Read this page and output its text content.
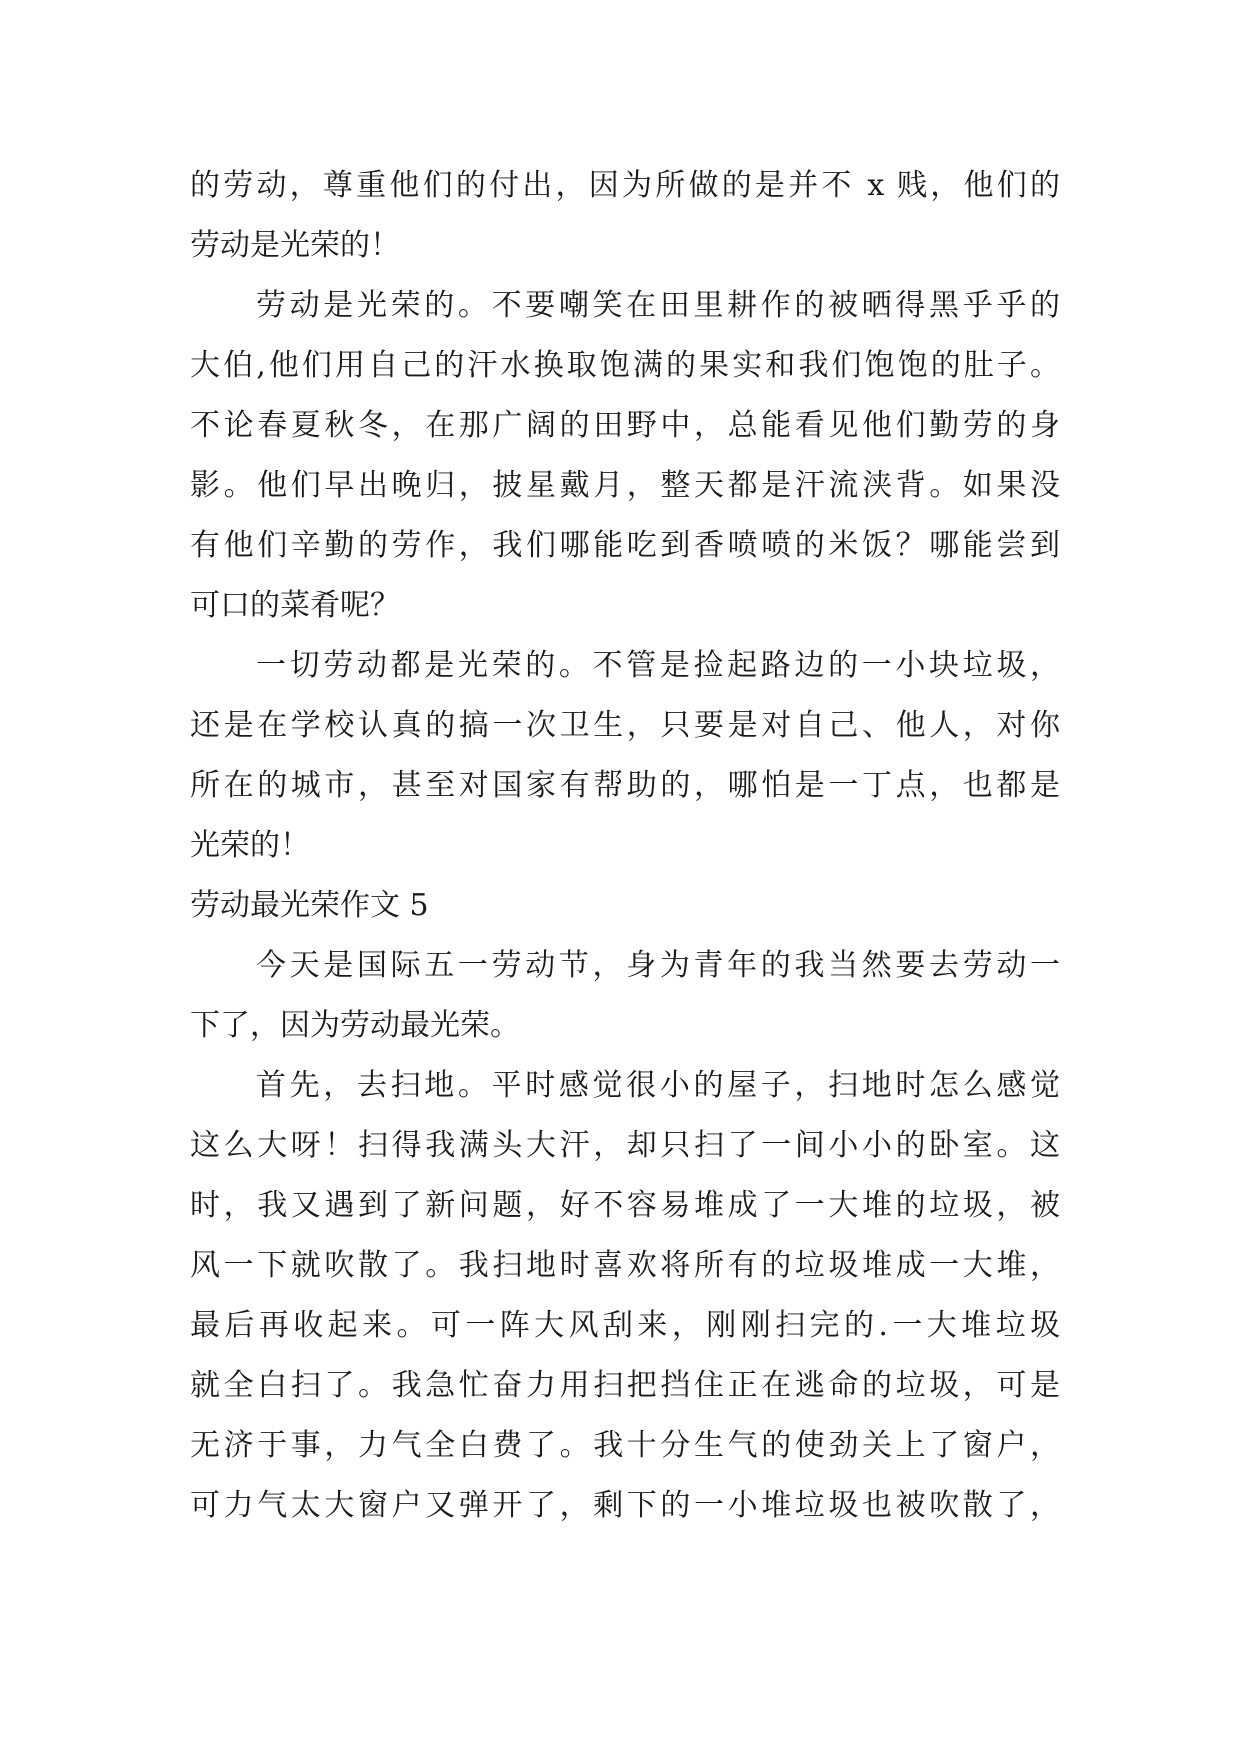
的劳动，尊重他们的付出，因为所做的是并不 x 贱，他们的
劳动是光荣的！
劳动是光荣的。不要嘲笑在田里耕作的被晒得黑乎乎的
大伯,他们用自己的汗水换取饱满的果实和我们饱饱的肚子。
不论春夏秋冬，在那广阔的田野中，总能看见他们勤劳的身
影。他们早出晚归，披星戴月，整天都是汗流浃背。如果没
有他们辛勤的劳作，我们哪能吃到香喷喷的米饭？哪能尝到
可口的菜肴呢？
一切劳动都是光荣的。不管是捡起路边的一小块垃圾，
还是在学校认真的搞一次卫生，只要是对自己、他人，对你
所在的城市，甚至对国家有帮助的，哪怕是一丁点，也都是
光荣的！
劳动最光荣作文 5
今天是国际五一劳动节，身为青年的我当然要去劳动一
下了，因为劳动最光荣。
首先，去扫地。平时感觉很小的屋子，扫地时怎么感觉
这么大呀！扫得我满头大汗，却只扫了一间小小的卧室。这
时，我又遇到了新问题，好不容易堆成了一大堆的垃圾，被
风一下就吹散了。我扫地时喜欢将所有的垃圾堆成一大堆，
最后再收起来。可一阵大风刮来，刚刚扫完的.一大堆垃圾
就全白扫了。我急忙奋力用扫把挡住正在逃命的垃圾，可是
无济于事，力气全白费了。我十分生气的使劲关上了窗户，
可力气太大窗户又弹开了，剩下的一小堆垃圾也被吹散了，
